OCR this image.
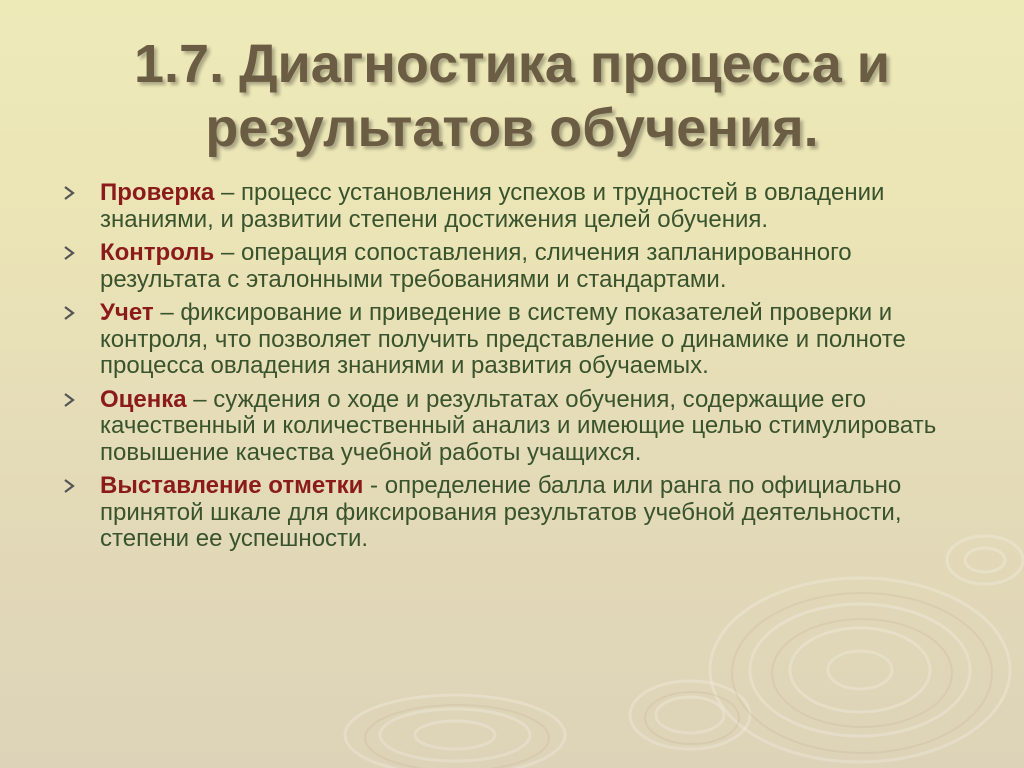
1.7. Диагностика процесса и
результатов обучения.
Проверка – процесс установления успехов и трудностей в овладении знаниями, и развитии степени достижения целей обучения.
Контроль – операция сопоставления, сличения запланированного результата с эталонными требованиями и стандартами.
Учет – фиксирование и приведение в систему показателей проверки и контроля, что позволяет получить представление о динамике и полноте процесса овладения знаниями и развития обучаемых.
Оценка – суждения о ходе и результатах обучения, содержащие его качественный и количественный анализ и имеющие целью стимулировать повышение качества учебной работы учащихся.
Выставление отметки - определение балла или ранга по официально принятой шкале для фиксирования результатов учебной деятельности, степени ее успешности.
